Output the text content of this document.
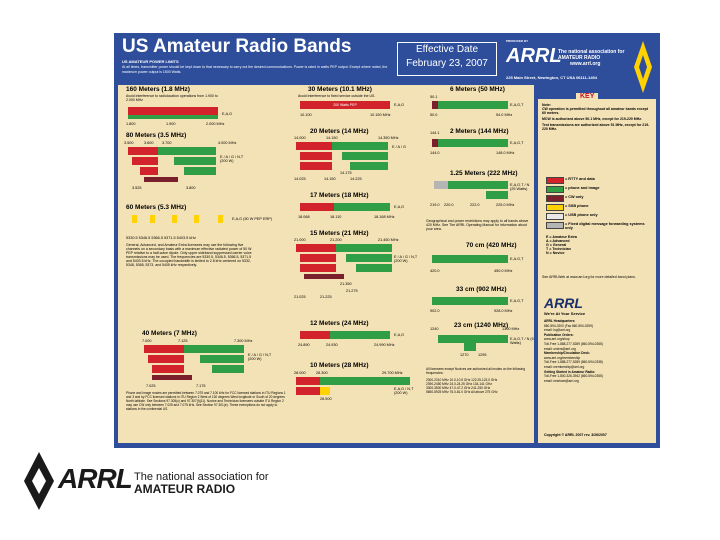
US Amateur Radio Bands
US AMATEUR POWER LIMITS
At all times, transmitter power should be kept down to that necessary to carry out the desired communications. Power is rated in watts PEP output. Except where noted, the maximum power output is 1500 Watts.
Effective Date
February 23, 2007
PRODUCED BY
ARRL
The national association for AMATEUR RADIO
www.arrl.org
225 Main Street, Newington, CT USA 06111-1494
160 Meters (1.8 MHz)
Avoid interference to radiolocation operations from 1.900 to 2.000 MHz
E,A,G
1.800	1.900	2.000 MHz
80 Meters (3.5 MHz)
3.500	3.600 3.700	4.000 MHz
E / A / G / N,T (200 W)
3.525	3.800
60 Meters (5.3 MHz)
E,A,G (50 W PEP ERP)
5330.5 5346.5 5366.5 5371.5 5403.5 kHz
General, Advanced, and Amateur Extra licensees may use the following five channels on a secondary basis with a maximum effective radiated power of 50 W PEP relative to a half-wave dipole. Only upper sideband suppressed carrier voice transmissions may be used. The frequencies are 5330.5, 5346.5, 5366.5, 5371.5 and 5403.5 kHz. The occupied bandwidth is limited to 2.8 kHz centered on 5332, 5348, 5368, 5373, and 5405 kHz respectively.
40 Meters (7 MHz)
7.000	7.125	7.300 MHz
E / A / G / N,T (200 W)
7.025	7.175
Phone and Image modes are permitted between 7.075 and 7.100 kHz for FCC licensed stations in ITU Regions 1 and 3 and by FCC licensed stations in ITU Region 2 West of 130 degrees West longitude or South of 20 degrees North latitude. See Sections 97.305(c) and 97.307(f)(11). Novice and Technician licensees outside ITU Region 2 may use CW only between 7.025 and 7.075 kHz. See Section 97.301(e). These exemptions do not apply to stations in the continental US.
30 Meters (10.1 MHz)
Avoid interference to fixed service outside the US.
200 Watts PEP	E,A,G
10.100	10.150 MHz
20 Meters (14 MHz)
14.000	14.150	14.350 MHz
E / A / G
14.175
14.025	14.150	14.225
17 Meters (18 MHz)
E,A,G
18.068	18.110	18.168 MHz
15 Meters (21 MHz)
21.000	21.200	21.450 MHz
E / A / G / N,T (200 W)
21.350
21.275
21.025	21.225
12 Meters (24 MHz)
E,A,G
24.890	24.930	24.990 MHz
10 Meters (28 MHz)
28.000	28.300	29.700 MHz
E,A,G / N,T (200 W)
28.500
6 Meters (50 MHz)
50.1
E,A,G,T
50.0	54.0 MHz
2 Meters (144 MHz)
144.1
E,A,G,T
144.0	148.0 MHz
1.25 Meters (222 MHz)
E,A,G,T / N (25 Watts)
219.0 220.0	222.0	225.0 MHz
Geographical and power restrictions may apply to all bands above 420 MHz. See The ARRL Operating Manual for information about your area.
70 cm (420 MHz)
E,A,G,T
420.0	450.0 MHz
33 cm (902 MHz)
E,A,G,T
902.0	928.0 MHz
23 cm (1240 MHz)
1240	1300 MHz
E,A,G,T / N (5 Watts)
1270	1295
All licensees except Novices are authorized all modes on the following frequencies:
2300-2310 MHz 10.0-10.5 GHz 122.25-123.0 GHz
2390-2450 MHz 24.0-24.25 GHz 134-141 GHz
3300-3500 MHz 47.0-47.2 GHz 241-250 GHz
5650-5925 MHz 76.0-81.0 GHz All above 275 GHz
KEY
Note:
CW operation is permitted throughout all amateur bands except 60 meters.
MCW is authorized above 50.1 MHz, except for 219-220 MHz.
Test transmissions are authorized above 51 MHz, except for 219-220 MHz.
= RTTY and data
= phone and image
= CW only
= SSB phone
= USB phone only
= Fixed digital message forwarding systems only
E = Amateur Extra
A = Advanced
G = General
T = Technician
N = Novice
See ARRLWeb at www.arrl.org for more detailed band plans.
ARRL
We're At Your Service
ARRL Headquarters:
860-594-0200 (Fax 860-594-0259)
email: hq@arrl.org
Publication Orders:
www.arrl.org/shop
Toll-Free 1-888-277-5289 (860-594-0355)
email: orders@arrl.org
Membership/Circulation Desk:
www.arrl.org/membership
Toll-Free 1-888-277-5289 (860-594-0338)
email: membership@arrl.org
Getting Started in Amateur Radio:
Toll-Free 1-800-326-3942 (860-594-0355)
email: newham@arrl.org
Copyright © ARRL 2007 rev. 3/26/2007
ARRL The national association for
AMATEUR RADIO
